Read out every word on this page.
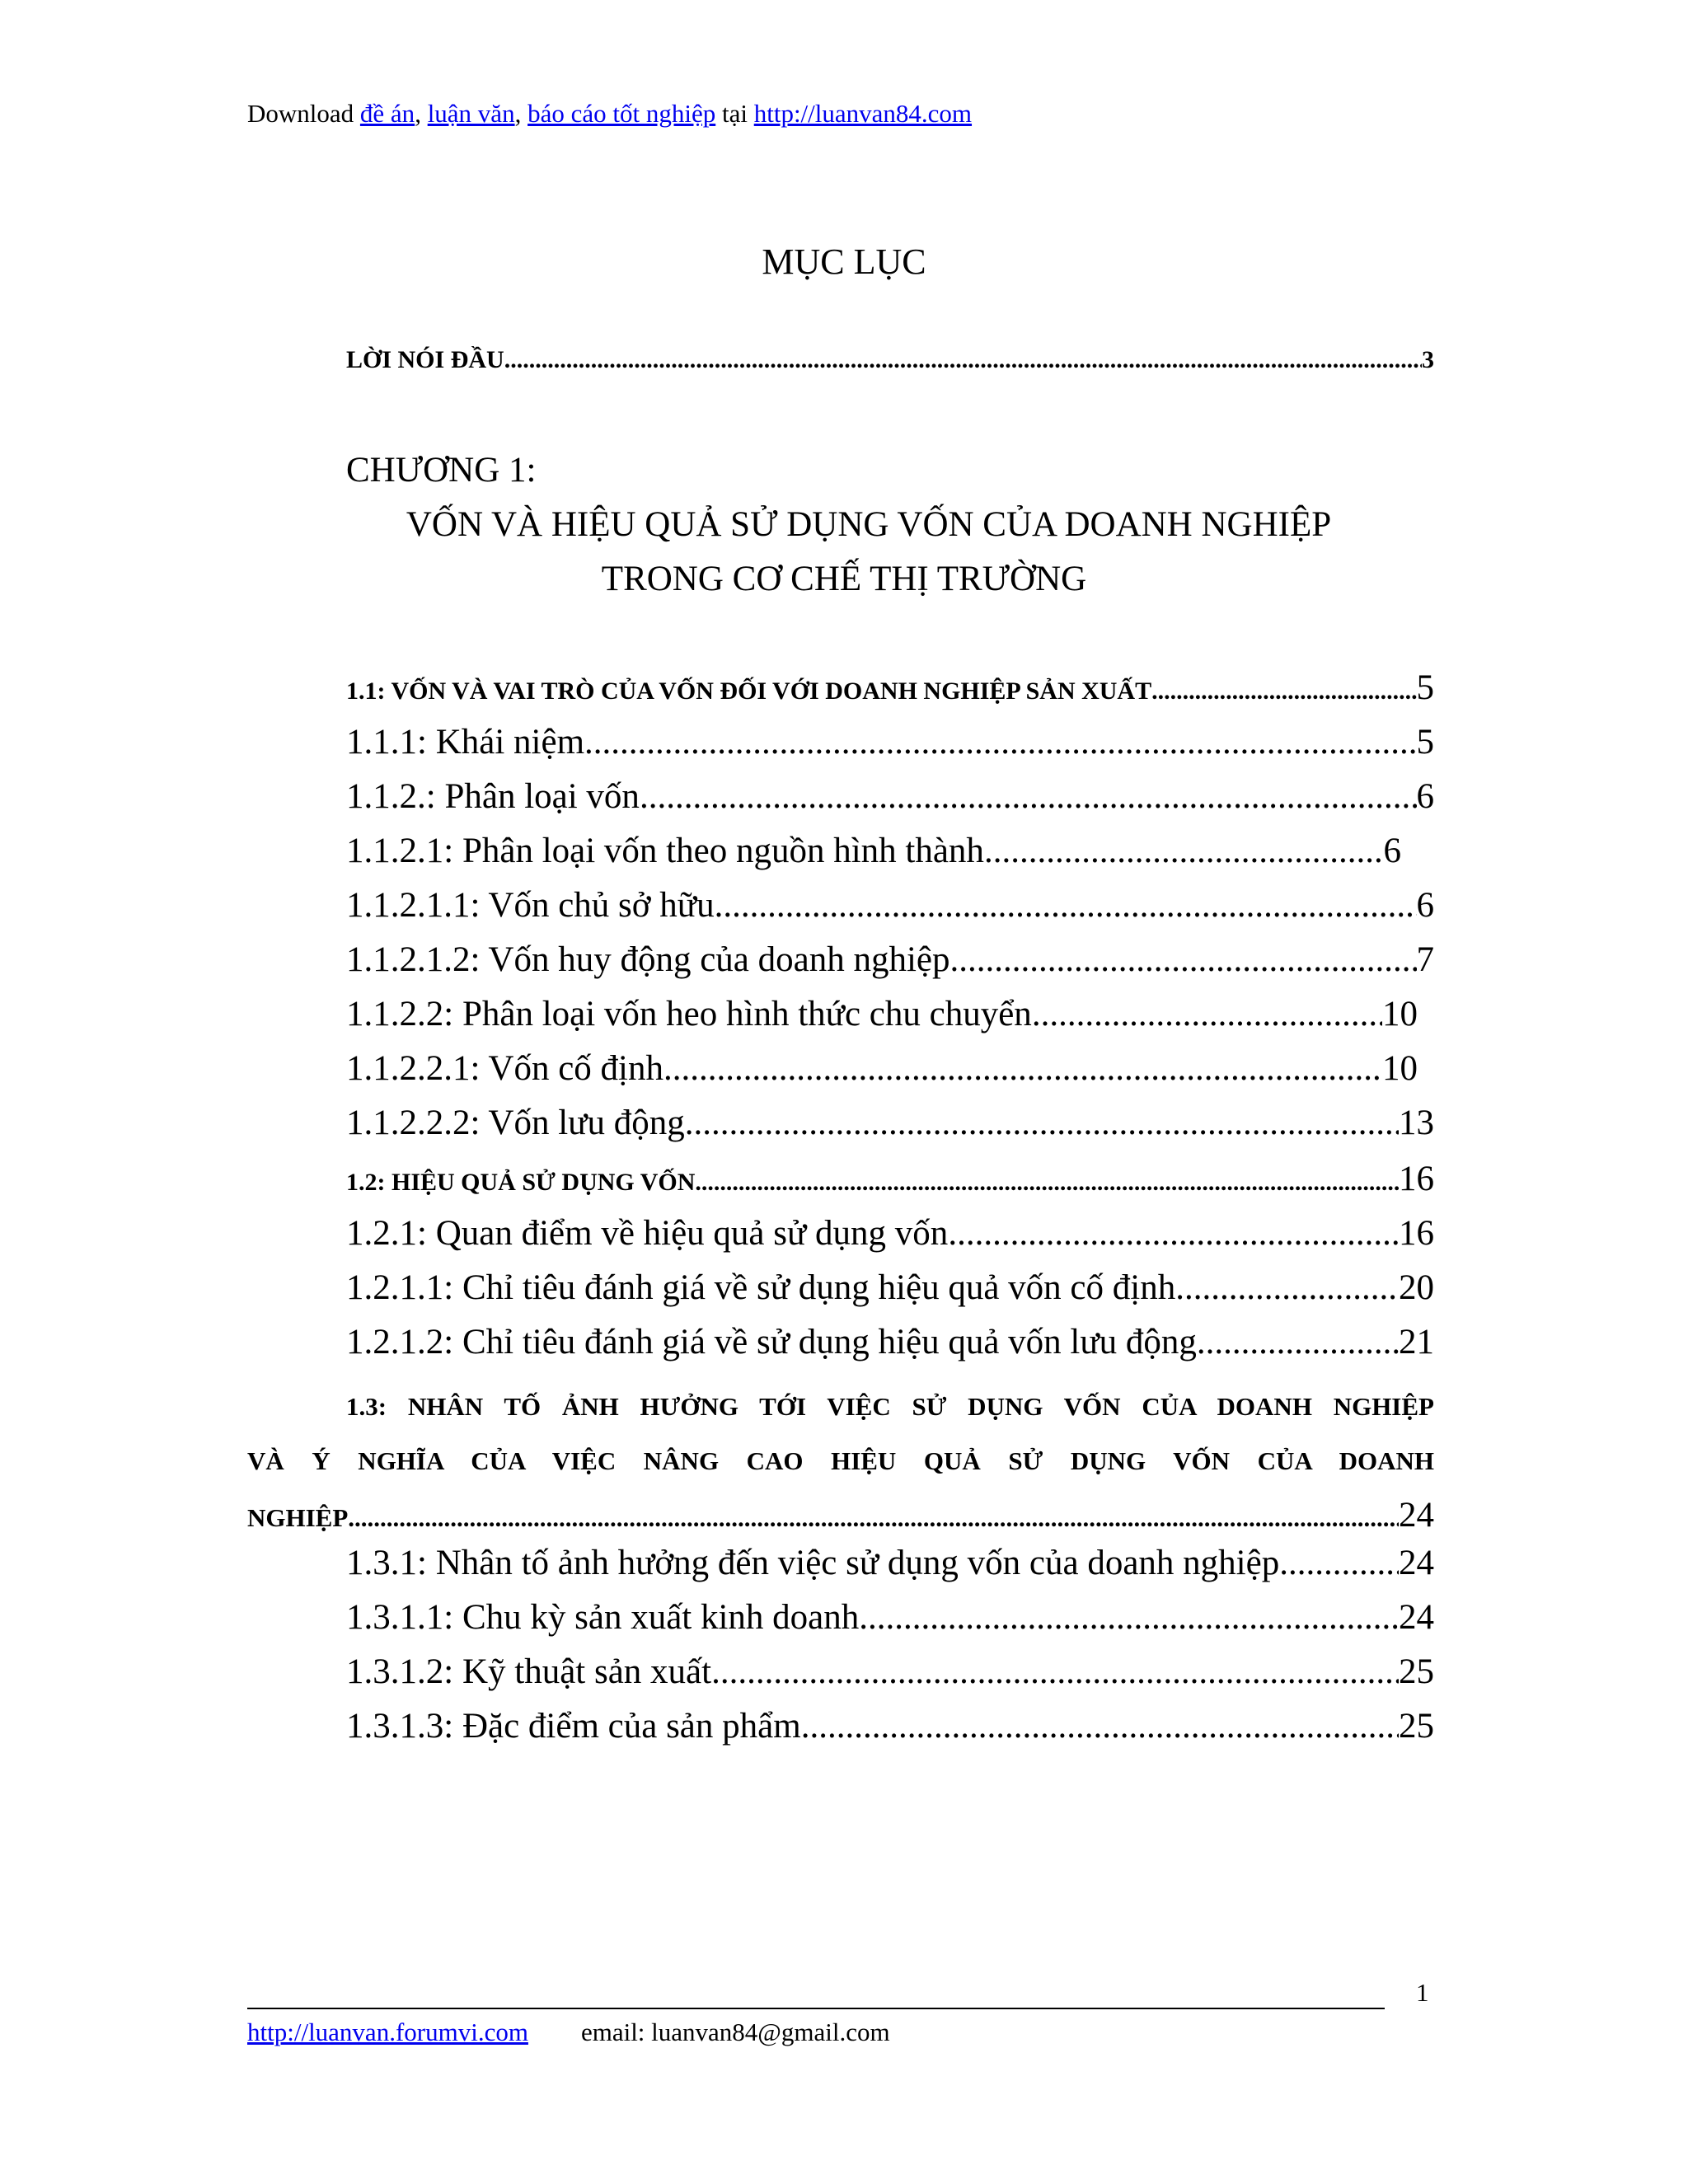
Download đề án, luận văn, báo cáo tốt nghiệp tại http://luanvan84.com
MỤC LỤC
LỜI NÓI ĐẦU .....	3
CHƯƠNG 1:
VỐN VÀ HIỆU QUẢ SỬ DỤNG VỐN CỦA DOANH NGHIỆP
TRONG CƠ CHẾ THỊ TRƯỜNG
1.1: VỐN VÀ VAI TRÒ CỦA VỐN ĐỐI VỚI DOANH NGHIỆP SẢN XUẤT .....	5
1.1.1: Khái niệm .....	5
1.1.2.: Phân loại vốn .....	6
1.1.2.1: Phân loại vốn theo nguồn hình thành .....	6
1.1.2.1.1: Vốn chủ sở hữu .....	6
1.1.2.1.2: Vốn huy động của doanh nghiệp .....	7
1.1.2.2: Phân loại vốn heo hình thức chu chuyển .....	10
1.1.2.2.1: Vốn cố định .....	10
1.1.2.2.2: Vốn lưu động .....	13
1.2: HIỆU QUẢ SỬ DỤNG VỐN .....	16
1.2.1: Quan điểm về hiệu quả sử dụng vốn .....	16
1.2.1.1: Chỉ tiêu đánh giá về sử dụng hiệu quả vốn cố định .....	20
1.2.1.2: Chỉ tiêu đánh giá về sử dụng hiệu quả vốn lưu động .....	21
1.3: NHÂN TỐ ẢNH HƯỞNG TỚI VIỆC SỬ DỤNG VỐN CỦA DOANH NGHIỆP
VÀ Ý NGHĨA CỦA VIỆC NÂNG CAO HIỆU QUẢ SỬ DỤNG VỐN CỦA DOANH
NGHIỆP .....	24
1.3.1: Nhân tố ảnh hưởng đến việc sử dụng vốn của doanh nghiệp .....	24
1.3.1.1: Chu kỳ sản xuất kinh doanh .....	24
1.3.1.2: Kỹ thuật sản xuất .....	25
1.3.1.3: Đặc điểm của sản phẩm .....	25
1
http://luanvan.forumvi.com email: luanvan84@gmail.com
